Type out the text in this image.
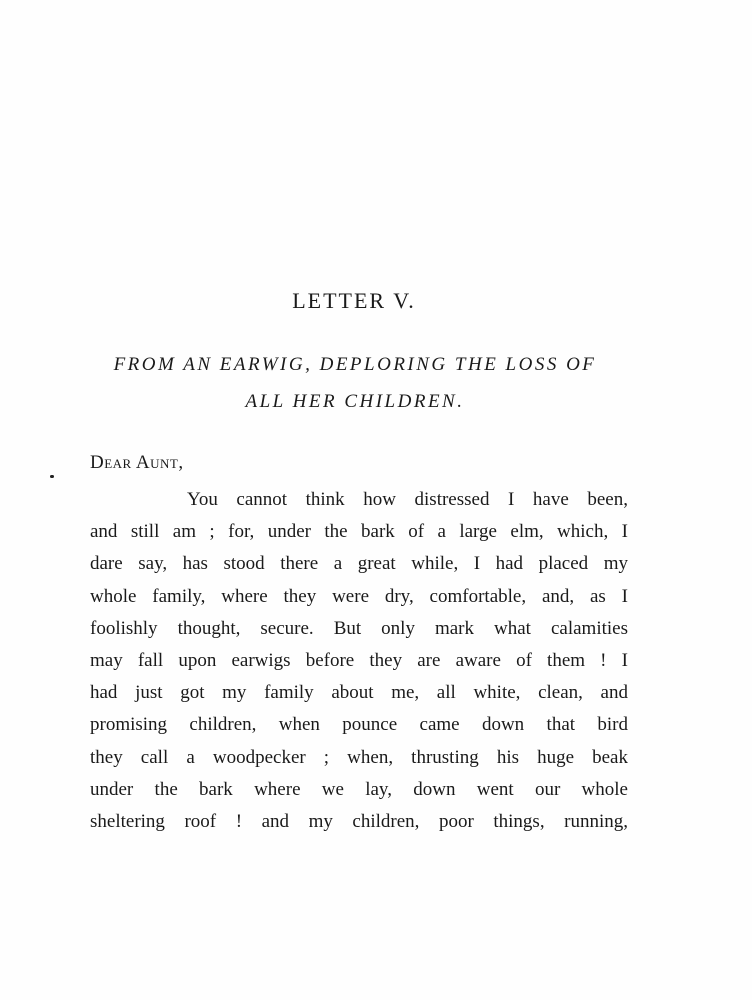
LETTER V.

FROM AN EARWIG, DEPLORING THE LOSS OF

ALL HER CHILDREN.

Dear Aunt,

You cannot think how distressed I have been,
and still am ; for, under the bark of a large elm, which, I
dare say, has stood there a great while, I had placed my
whole family, where they were dry, comfortable, and, as I
foolishly thought, secure. But only mark what calamities
may fall upon earwigs before they are aware of them ! I
had just got my family about me, all white, clean, and
promising children, when pounce came down that bird
they call a woodpecker ; when, thrusting his huge beak
under the bark where we lay, down went our whole
sheltering roof ! and my children, poor things, running,
